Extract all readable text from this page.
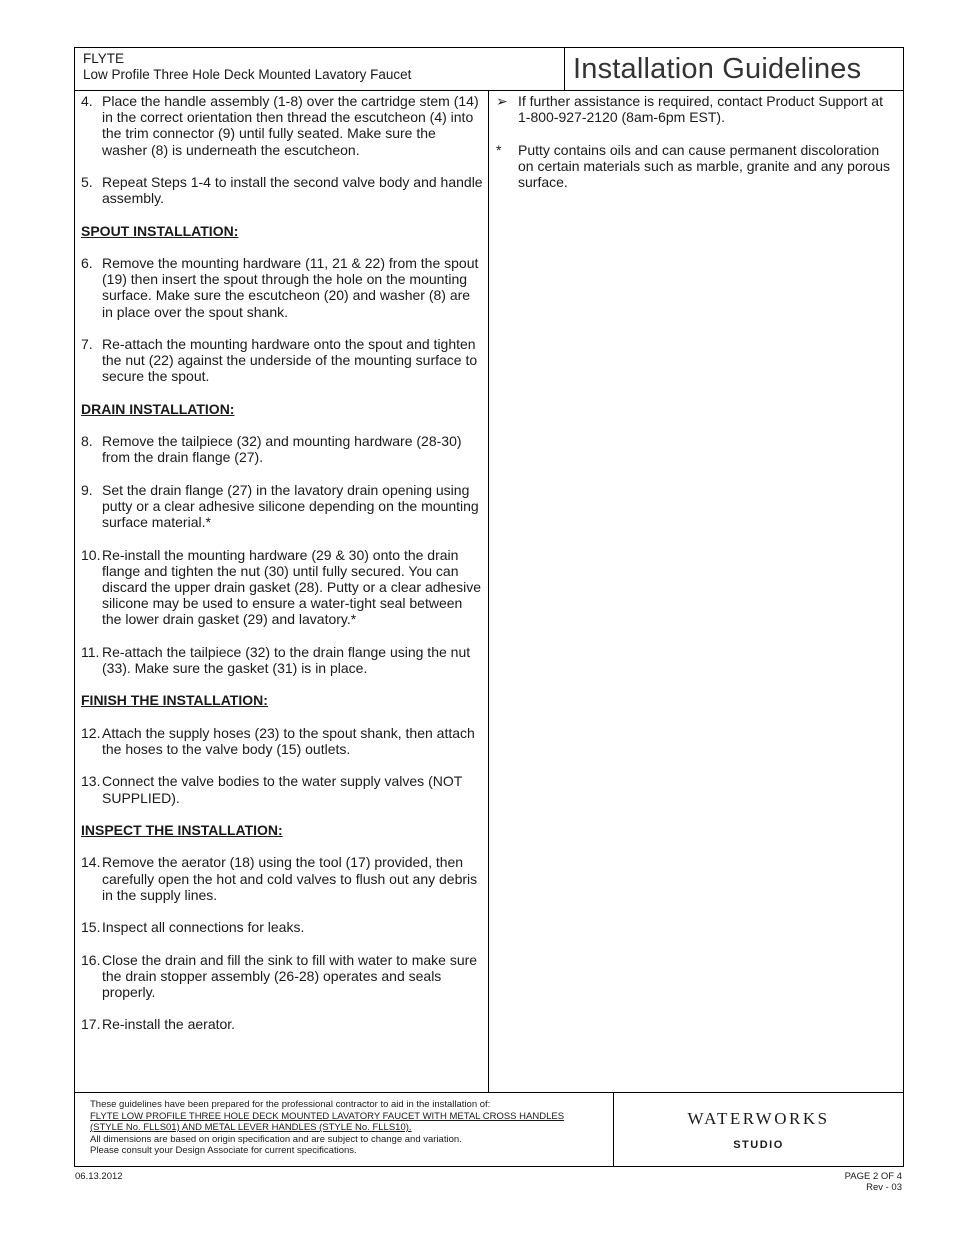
FLYTE
Low Profile Three Hole Deck Mounted Lavatory Faucet	Installation Guidelines
4. Place the handle assembly (1-8) over the cartridge stem (14) in the correct orientation then thread the escutcheon (4) into the trim connector (9) until fully seated. Make sure the washer (8) is underneath the escutcheon.
5. Repeat Steps 1-4 to install the second valve body and handle assembly.
SPOUT INSTALLATION:
6. Remove the mounting hardware (11, 21 & 22) from the spout (19) then insert the spout through the hole on the mounting surface. Make sure the escutcheon (20) and washer (8) are in place over the spout shank.
7. Re-attach the mounting hardware onto the spout and tighten the nut (22) against the underside of the mounting surface to secure the spout.
DRAIN INSTALLATION:
8. Remove the tailpiece (32) and mounting hardware (28-30) from the drain flange (27).
9. Set the drain flange (27) in the lavatory drain opening using putty or a clear adhesive silicone depending on the mounting surface material.*
10. Re-install the mounting hardware (29 & 30) onto the drain flange and tighten the nut (30) until fully secured. You can discard the upper drain gasket (28). Putty or a clear adhesive silicone may be used to ensure a water-tight seal between the lower drain gasket (29) and lavatory.*
11. Re-attach the tailpiece (32) to the drain flange using the nut (33). Make sure the gasket (31) is in place.
FINISH THE INSTALLATION:
12. Attach the supply hoses (23) to the spout shank, then attach the hoses to the valve body (15) outlets.
13. Connect the valve bodies to the water supply valves (NOT SUPPLIED).
INSPECT THE INSTALLATION:
14. Remove the aerator (18) using the tool (17) provided, then carefully open the hot and cold valves to flush out any debris in the supply lines.
15. Inspect all connections for leaks.
16. Close the drain and fill the sink to fill with water to make sure the drain stopper assembly (26-28) operates and seals properly.
17. Re-install the aerator.
➢ If further assistance is required, contact Product Support at 1-800-927-2120 (8am-6pm EST).
* Putty contains oils and can cause permanent discoloration on certain materials such as marble, granite and any porous surface.
These guidelines have been prepared for the professional contractor to aid in the installation of:
FLYTE LOW PROFILE THREE HOLE DECK MOUNTED LAVATORY FAUCET WITH METAL CROSS HANDLES
(STYLE No. FLLS01) AND METAL LEVER HANDLES (STYLE No. FLLS10).
All dimensions are based on origin specification and are subject to change and variation.
Please consult your Design Associate for current specifications.
WATERWORKS
STUDIO
06.13.2012	PAGE 2 OF 4
Rev - 03
